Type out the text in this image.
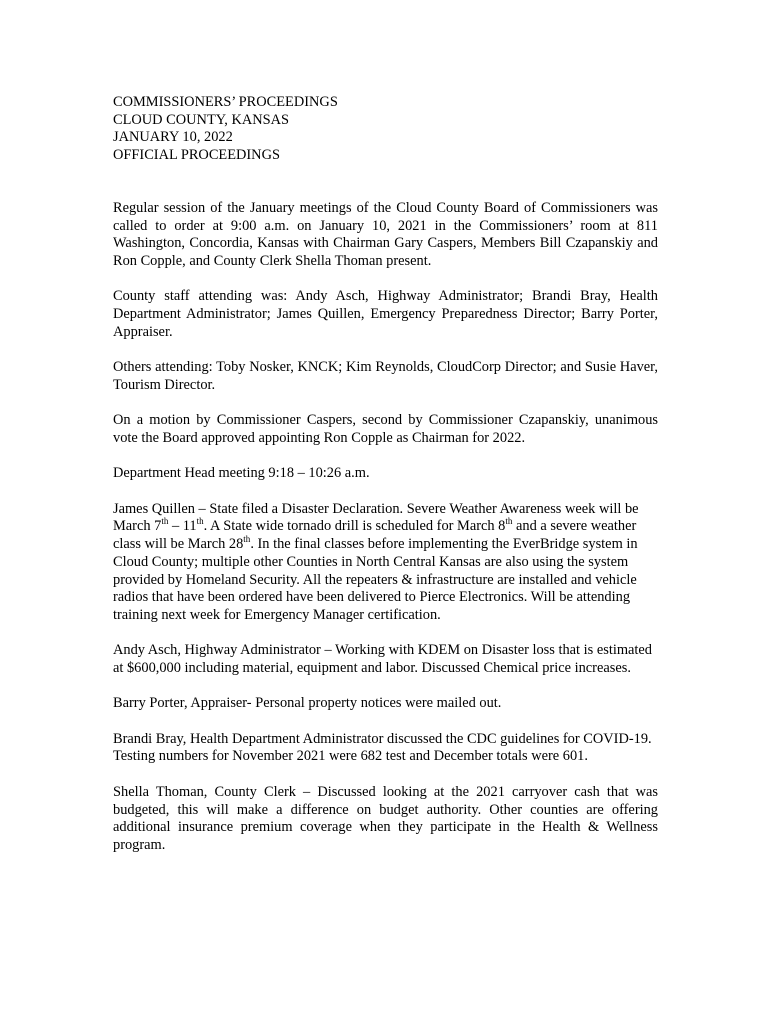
COMMISSIONERS’ PROCEEDINGS
CLOUD COUNTY, KANSAS
JANUARY 10, 2022
OFFICIAL PROCEEDINGS

Regular session of the January meetings of the Cloud County Board of Commissioners was called to order at 9:00 a.m. on January 10, 2021 in the Commissioners’ room at 811 Washington, Concordia, Kansas with Chairman Gary Caspers, Members Bill Czapanskiy and Ron Copple, and County Clerk Shella Thoman present.

County staff attending was: Andy Asch, Highway Administrator; Brandi Bray, Health Department Administrator; James Quillen, Emergency Preparedness Director; Barry Porter, Appraiser.

Others attending: Toby Nosker, KNCK; Kim Reynolds, CloudCorp Director; and Susie Haver, Tourism Director.

On a motion by Commissioner Caspers, second by Commissioner Czapanskiy, unanimous vote the Board approved appointing Ron Copple as Chairman for 2022.

Department Head meeting 9:18 – 10:26 a.m.

James Quillen – State filed a Disaster Declaration. Severe Weather Awareness week will be March 7th – 11th. A State wide tornado drill is scheduled for March 8th and a severe weather class will be March 28th. In the final classes before implementing the EverBridge system in Cloud County; multiple other Counties in North Central Kansas are also using the system provided by Homeland Security. All the repeaters & infrastructure are installed and vehicle radios that have been ordered have been delivered to Pierce Electronics. Will be attending training next week for Emergency Manager certification.

Andy Asch, Highway Administrator – Working with KDEM on Disaster loss that is estimated at $600,000 including material, equipment and labor. Discussed Chemical price increases.

Barry Porter, Appraiser- Personal property notices were mailed out.

Brandi Bray, Health Department Administrator discussed the CDC guidelines for COVID-19. Testing numbers for November 2021 were 682 test and December totals were 601.

Shella Thoman, County Clerk – Discussed looking at the 2021 carryover cash that was budgeted, this will make a difference on budget authority. Other counties are offering additional insurance premium coverage when they participate in the Health & Wellness program.
